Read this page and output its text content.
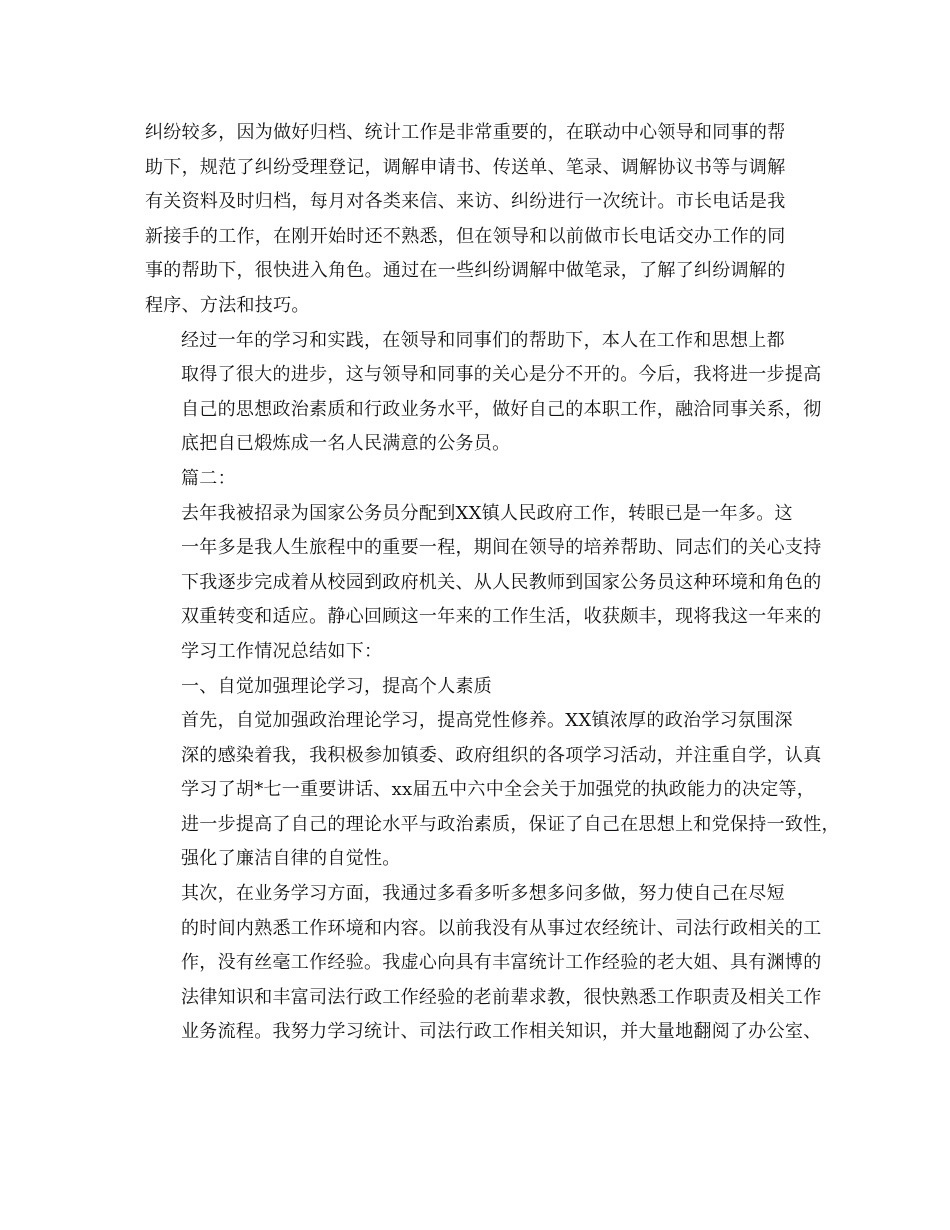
纠纷较多，因为做好归档、统计工作是非常重要的，在联动中心领导和同事的帮
助下，规范了纠纷受理登记，调解申请书、传送单、笔录、调解协议书等与调解
有关资料及时归档，每月对各类来信、来访、纠纷进行一次统计。市长电话是我
新接手的工作，在刚开始时还不熟悉，但在领导和以前做市长电话交办工作的同
事的帮助下，很快进入角色。通过在一些纠纷调解中做笔录，了解了纠纷调解的
程序、方法和技巧。

经过一年的学习和实践，在领导和同事们的帮助下，本人在工作和思想上都
取得了很大的进步，这与领导和同事的关心是分不开的。今后，我将进一步提高
自己的思想政治素质和行政业务水平，做好自己的本职工作，融洽同事关系，彻
底把自已煅炼成一名人民满意的公务员。

篇二：

去年我被招录为国家公务员分配到XX镇人民政府工作，转眼已是一年多。这
一年多是我人生旅程中的重要一程，期间在领导的培养帮助、同志们的关心支持
下我逐步完成着从校园到政府机关、从人民教师到国家公务员这种环境和角色的
双重转变和适应。静心回顾这一年来的工作生活，收获颇丰，现将我这一年来的
学习工作情况总结如下：

一、自觉加强理论学习，提高个人素质

首先，自觉加强政治理论学习，提高党性修养。XX镇浓厚的政治学习氛围深
深的感染着我，我积极参加镇委、政府组织的各项学习活动，并注重自学，认真
学习了胡*七一重要讲话、xx届五中六中全会关于加强党的执政能力的决定等，
进一步提高了自己的理论水平与政治素质，保证了自己在思想上和党保持一致性，
强化了廉洁自律的自觉性。

其次，在业务学习方面，我通过多看多听多想多问多做，努力使自己在尽短
的时间内熟悉工作环境和内容。以前我没有从事过农经统计、司法行政相关的工
作，没有丝毫工作经验。我虚心向具有丰富统计工作经验的老大姐、具有渊博的
法律知识和丰富司法行政工作经验的老前辈求教，很快熟悉工作职责及相关工作
业务流程。我努力学习统计、司法行政工作相关知识，并大量地翻阅了办公室、
